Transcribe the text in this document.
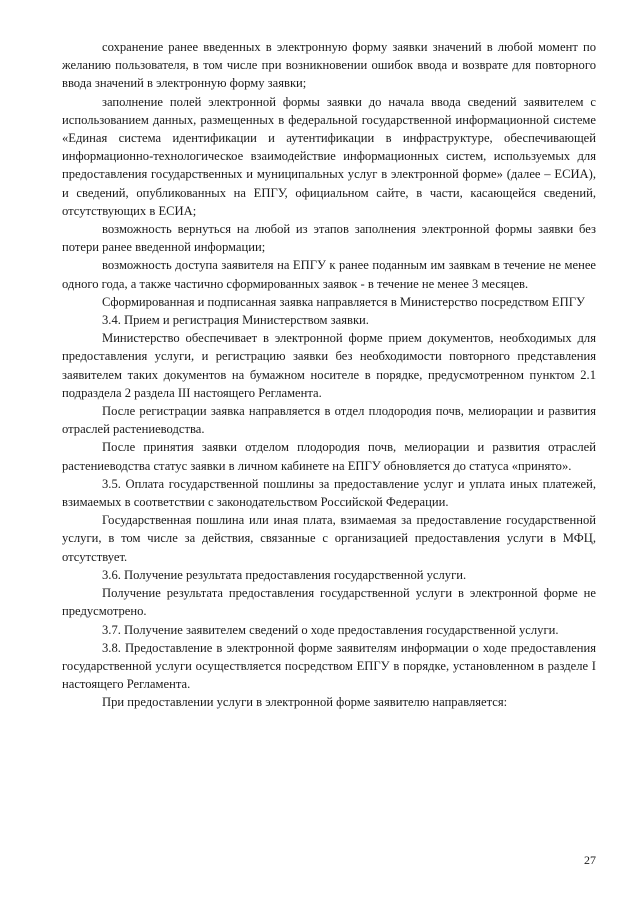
сохранение ранее введенных в электронную форму заявки значений в любой момент по желанию пользователя, в том числе при возникновении ошибок ввода и возврате для повторного ввода значений в электронную форму заявки;

заполнение полей электронной формы заявки до начала ввода сведений заявителем с использованием данных, размещенных в федеральной государственной информационной системе «Единая система идентификации и аутентификации в инфраструктуре, обеспечивающей информационно-технологическое взаимодействие информационных систем, используемых для предоставления государственных и муниципальных услуг в электронной форме» (далее – ЕСИА), и сведений, опубликованных на ЕПГУ, официальном сайте, в части, касающейся сведений, отсутствующих в ЕСИА;

возможность вернуться на любой из этапов заполнения электронной формы заявки без потери ранее введенной информации;

возможность доступа заявителя на ЕПГУ к ранее поданным им заявкам в течение не менее одного года, а также частично сформированных заявок - в течение не менее 3 месяцев.

Сформированная и подписанная заявка направляется в Министерство посредством ЕПГУ

3.4. Прием и регистрация Министерством заявки.

Министерство обеспечивает в электронной форме прием документов, необходимых для предоставления услуги, и регистрацию заявки без необходимости повторного представления заявителем таких документов на бумажном носителе в порядке, предусмотренном пунктом 2.1 подраздела 2 раздела III настоящего Регламента.

После регистрации заявка направляется в отдел плодородия почв, мелиорации и развития отраслей растениеводства.

После принятия заявки отделом плодородия почв, мелиорации и развития отраслей растениеводства статус заявки в личном кабинете на ЕПГУ обновляется до статуса «принято».

3.5. Оплата государственной пошлины за предоставление услуг и уплата иных платежей, взимаемых в соответствии с законодательством Российской Федерации.

Государственная пошлина или иная плата, взимаемая за предоставление государственной услуги, в том числе за действия, связанные с организацией предоставления услуги в МФЦ, отсутствует.

3.6. Получение результата предоставления государственной услуги.

Получение результата предоставления государственной услуги в электронной форме не предусмотрено.

3.7. Получение заявителем сведений о ходе предоставления государственной услуги.

3.8. Предоставление в электронной форме заявителям информации о ходе предоставления государственной услуги осуществляется посредством ЕПГУ в порядке, установленном в разделе I настоящего Регламента.

При предоставлении услуги в электронной форме заявителю направляется:

27
